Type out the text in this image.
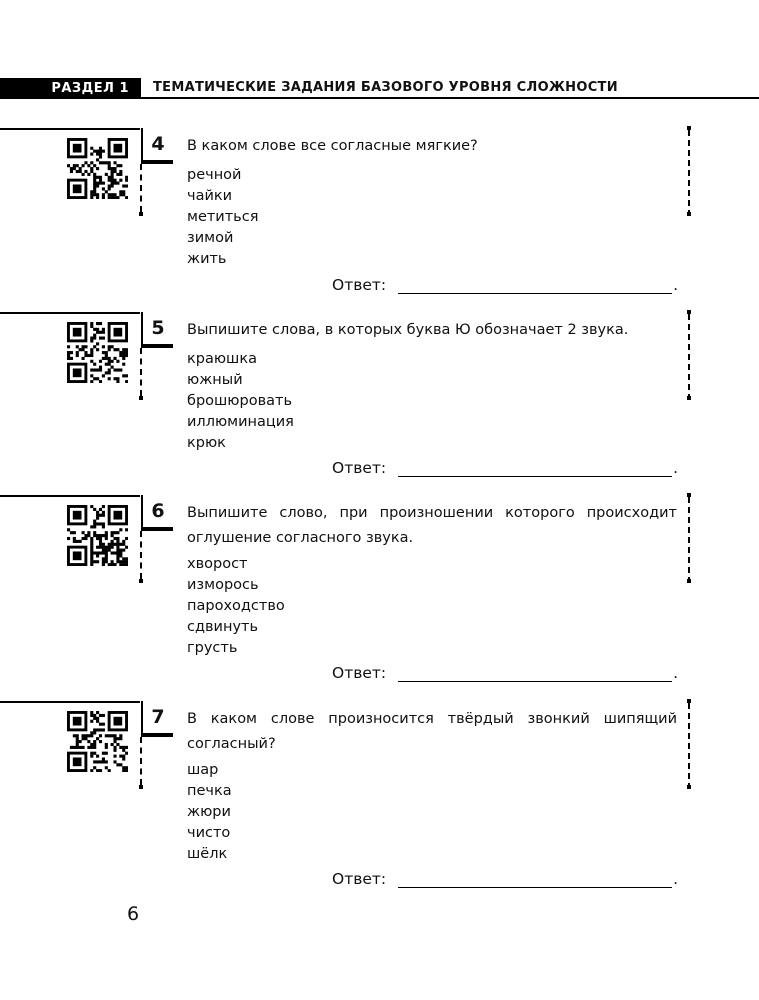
РАЗДЕЛ 1	ТЕМАТИЧЕСКИЕ ЗАДАНИЯ БАЗОВОГО УРОВНЯ СЛОЖНОСТИ
4	В каком слове все согласные мягкие?
речной
чайки
метиться
зимой
жить
Ответ:	.
5	Выпишите слова, в которых буква Ю обозначает 2 звука.
краюшка
южный
брошюровать
иллюминация
крюк
Ответ:	.
6	Выпишите слово, при произношении которого происходит оглушение согласного звука.
хворост
изморось
пароходство
сдвинуть
грусть
Ответ:	.
7	В каком слове произносится твёрдый звонкий шипящий согласный?
шар
печка
жюри
чисто
шёлк
Ответ:	.
6
